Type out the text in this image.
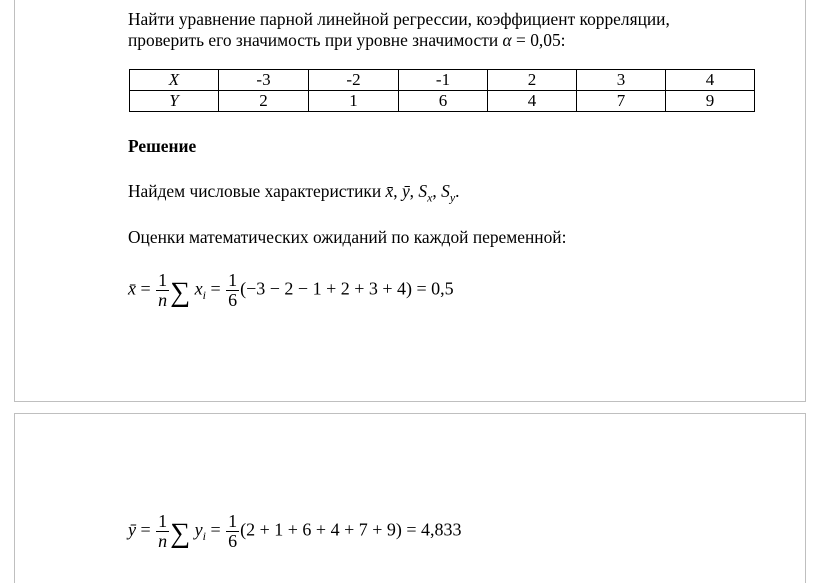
Найти уравнение парной линейной регрессии, коэффициент корреляции,
проверить его значимость при уровне значимости α = 0,05:
X	-3	-2	-1	2	3	4
Y	2	1	6	4	7	9
Решение
Найдем числовые характеристики x̄, ȳ, $S_x$, $S_y$.
Оценки математических ожиданий по каждой переменной:
x̄ = $\frac{1}{n}$ ∑ $x_i = \frac{1}{6} (-3 - 2 - 1 + 2 + 3 + 4) = 0,5$
ȳ = $\frac{1}{n}$ ∑ $y_i = \frac{1}{6} (2 + 1 + 6 + 4 + 7 + 9) = 4,833$
